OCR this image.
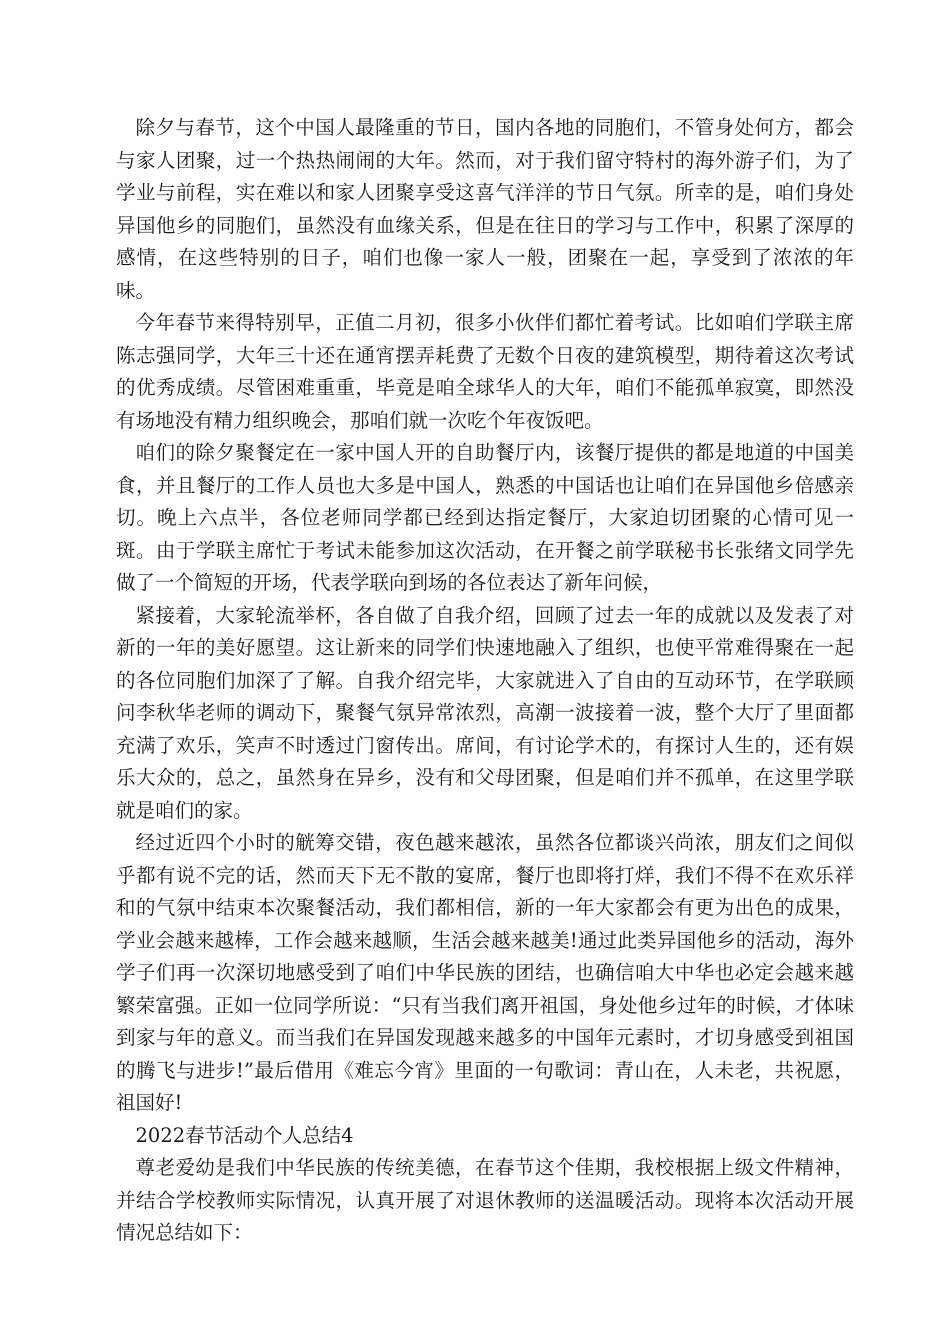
除夕与春节，这个中国人最隆重的节日，国内各地的同胞们，不管身处何方，都会与家人团聚，过一个热热闹闹的大年。然而，对于我们留守特村的海外游子们，为了学业与前程，实在难以和家人团聚享受这喜气洋洋的节日气氛。所幸的是，咱们身处异国他乡的同胞们，虽然没有血缘关系，但是在往日的学习与工作中，积累了深厚的感情，在这些特别的日子，咱们也像一家人一般，团聚在一起，享受到了浓浓的年味。

今年春节来得特别早，正值二月初，很多小伙伴们都忙着考试。比如咱们学联主席陈志强同学，大年三十还在通宵摆弄耗费了无数个日夜的建筑模型，期待着这次考试的优秀成绩。尽管困难重重，毕竟是咱全球华人的大年，咱们不能孤单寂寞，即然没有场地没有精力组织晚会，那咱们就一次吃个年夜饭吧。

咱们的除夕聚餐定在一家中国人开的自助餐厅内，该餐厅提供的都是地道的中国美食，并且餐厅的工作人员也大多是中国人，熟悉的中国话也让咱们在异国他乡倍感亲切。晚上六点半，各位老师同学都已经到达指定餐厅，大家迫切团聚的心情可见一斑。由于学联主席忙于考试未能参加这次活动，在开餐之前学联秘书长张绪文同学先做了一个简短的开场，代表学联向到场的各位表达了新年问候，

紧接着，大家轮流举杯，各自做了自我介绍，回顾了过去一年的成就以及发表了对新的一年的美好愿望。这让新来的同学们快速地融入了组织，也使平常难得聚在一起的各位同胞们加深了了解。自我介绍完毕，大家就进入了自由的互动环节，在学联顾问李秋华老师的调动下，聚餐气氛异常浓烈，高潮一波接着一波，整个大厅了里面都充满了欢乐，笑声不时透过门窗传出。席间，有讨论学术的，有探讨人生的，还有娱乐大众的，总之，虽然身在异乡，没有和父母团聚，但是咱们并不孤单，在这里学联就是咱们的家。

经过近四个小时的觥筹交错，夜色越来越浓，虽然各位都谈兴尚浓，朋友们之间似乎都有说不完的话，然而天下无不散的宴席，餐厅也即将打烊，我们不得不在欢乐祥和的气氛中结束本次聚餐活动，我们都相信，新的一年大家都会有更为出色的成果，学业会越来越棒，工作会越来越顺，生活会越来越美!通过此类异国他乡的活动，海外学子们再一次深切地感受到了咱们中华民族的团结，也确信咱大中华也必定会越来越繁荣富强。正如一位同学所说：“只有当我们离开祖国，身处他乡过年的时候，才体味到家与年的意义。而当我们在异国发现越来越多的中国年元素时，才切身感受到祖国的腾飞与进步!”最后借用《难忘今宵》里面的一句歌词：青山在，人未老，共祝愿，祖国好!

2022春节活动个人总结4

尊老爱幼是我们中华民族的传统美德，在春节这个佳期，我校根据上级文件精神，并结合学校教师实际情况，认真开展了对退休教师的送温暖活动。现将本次活动开展情况总结如下：
